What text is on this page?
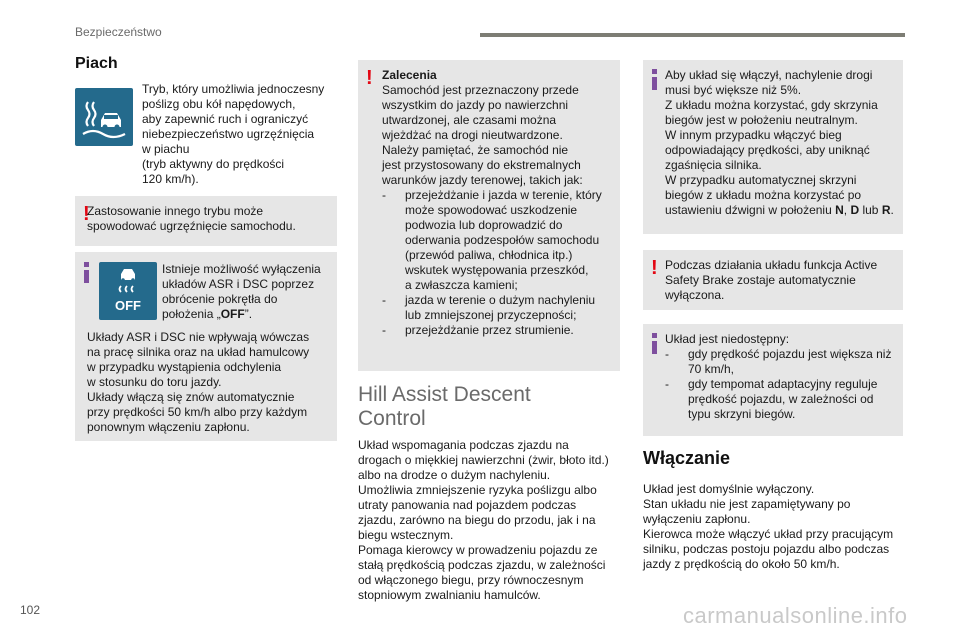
Bezpieczeństwo
Piach
Tryb, który umożliwia jednoczesny
poślizg obu kół napędowych,
aby zapewnić ruch i ograniczyć
niebezpieczeństwo ugrzęźnięcia
w piachu
(tryb aktywny do prędkości
120 km/h).
!
Zastosowanie innego trybu może
spowodować ugrzęźnięcie samochodu.
OFF
Istnieje możliwość wyłączenia
układów ASR i DSC poprzez
obrócenie pokrętła do
położenia „OFF”.
Układy ASR i DSC nie wpływają wówczas
na pracę silnika oraz na układ hamulcowy
w przypadku wystąpienia odchylenia
w stosunku do toru jazdy.
Układy włączą się znów automatycznie
przy prędkości 50 km/h albo przy każdym
ponownym włączeniu zapłonu.
! Zalecenia
Samochód jest przeznaczony przede
wszystkim do jazdy po nawierzchni
utwardzonej, ale czasami można
wjeżdżać na drogi nieutwardzone.
Należy pamiętać, że samochód nie
jest przystosowany do ekstremalnych
warunków jazdy terenowej, takich jak:
- przejeżdżanie i jazda w terenie, który
może spowodować uszkodzenie
podwozia lub doprowadzić do
oderwania podzespołów samochodu
(przewód paliwa, chłodnica itp.)
wskutek występowania przeszkód,
a zwłaszcza kamieni;
- jazda w terenie o dużym nachyleniu
lub zmniejszonej przyczepności;
- przejeżdżanie przez strumienie.
Hill Assist Descent
Control
Układ wspomagania podczas zjazdu na
drogach o miękkiej nawierzchni (żwir, błoto itd.)
albo na drodze o dużym nachyleniu.
Umożliwia zmniejszenie ryzyka poślizgu albo
utraty panowania nad pojazdem podczas
zjazdu, zarówno na biegu do przodu, jak i na
biegu wstecznym.
Pomaga kierowcy w prowadzeniu pojazdu ze
stałą prędkością podczas zjazdu, w zależności
od włączonego biegu, przy równoczesnym
stopniowym zwalnianiu hamulców.
Aby układ się włączył, nachylenie drogi
musi być większe niż 5%.
Z układu można korzystać, gdy skrzynia
biegów jest w położeniu neutralnym.
W innym przypadku włączyć bieg
odpowiadający prędkości, aby uniknąć
zgaśnięcia silnika.
W przypadku automatycznej skrzyni
biegów z układu można korzystać po
ustawieniu dźwigni w położeniu N, D lub R.
! Podczas działania układu funkcja Active
Safety Brake zostaje automatycznie
wyłączona.
Układ jest niedostępny:
- gdy prędkość pojazdu jest większa niż
70 km/h,
- gdy tempomat adaptacyjny reguluje
prędkość pojazdu, w zależności od
typu skrzyni biegów.
Włączanie
Układ jest domyślnie wyłączony.
Stan układu nie jest zapamiętywany po
wyłączeniu zapłonu.
Kierowca może włączyć układ przy pracującym
silniku, podczas postoju pojazdu albo podczas
jazdy z prędkością do około 50 km/h.
102	carmanualsonline.info
